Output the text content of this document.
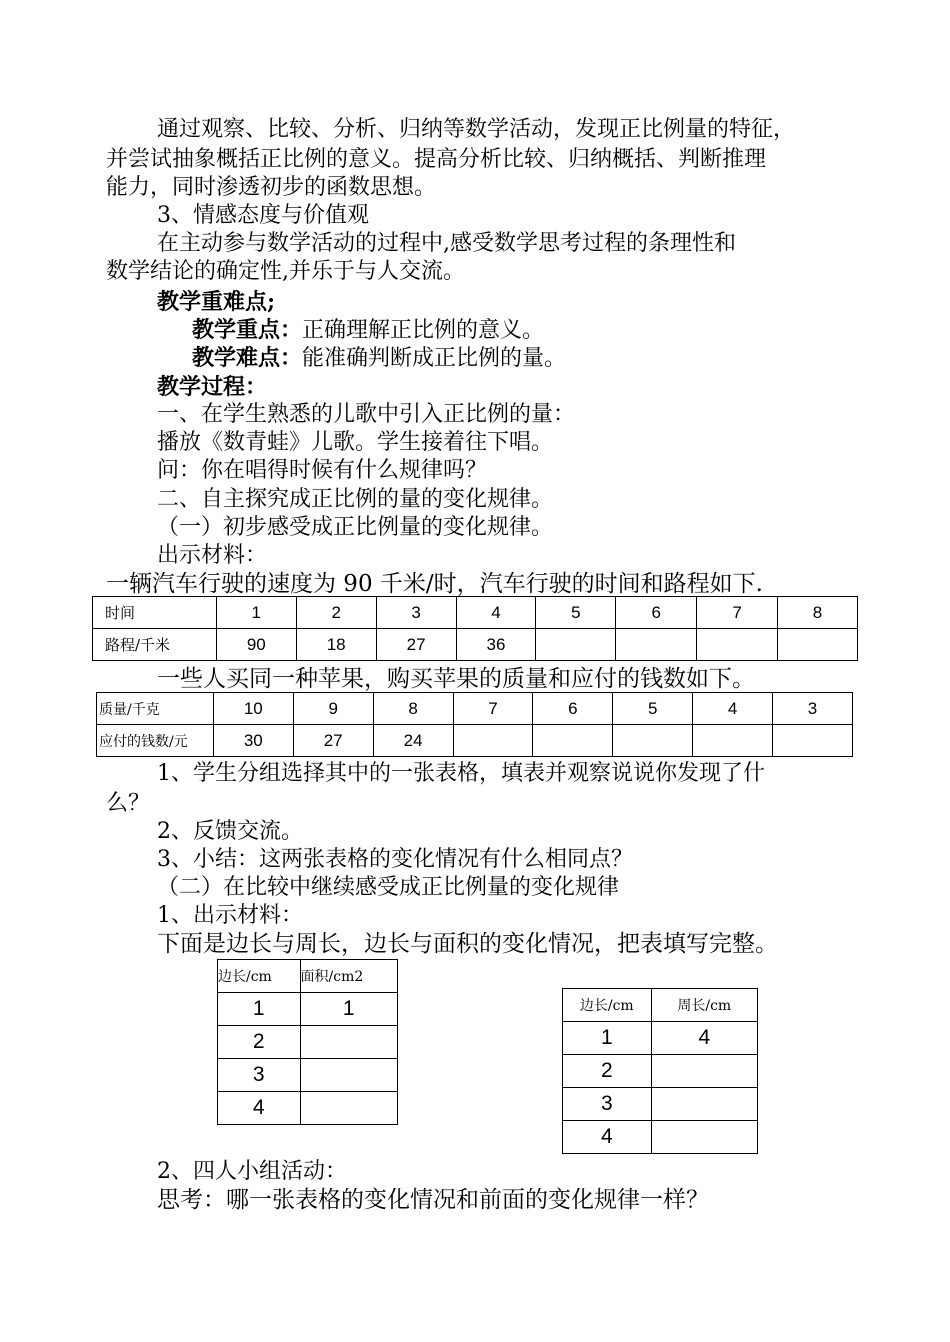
通过观察、比较、分析、归纳等数学活动，发现正比例量的特征，
并尝试抽象概括正比例的意义。提高分析比较、归纳概括、判断推理
能力，同时渗透初步的函数思想。
3、情感态度与价值观
在主动参与数学活动的过程中,感受数学思考过程的条理性和
数学结论的确定性,并乐于与人交流。
教学重难点;
教学重点：正确理解正比例的意义。
教学难点：能准确判断成正比例的量。
教学过程：
一、在学生熟悉的儿歌中引入正比例的量：
播放《数青蛙》儿歌。学生接着往下唱。
问：你在唱得时候有什么规律吗？
二、自主探究成正比例的量的变化规律。
（一）初步感受成正比例量的变化规律。
出示材料：
一辆汽车行驶的速度为 90 千米/时，汽车行驶的时间和路程如下.
时间	1	2	3	4	5	6	7	8
路程/千米	90	18	27	36				
一些人买同一种苹果，购买苹果的质量和应付的钱数如下。
质量/千克	10	9	8	7	6	5	4	3
应付的钱数/元	30	27	24					
1、学生分组选择其中的一张表格，填表并观察说说你发现了什
么？
2、反馈交流。
3、小结：这两张表格的变化情况有什么相同点？
（二）在比较中继续感受成正比例量的变化规律
1、出示材料：
下面是边长与周长，边长与面积的变化情况，把表填写完整。
边长/cm	面积/cm2
1	1
2	
3	
4	
边长/cm	周长/cm
1	4
2	
3	
4	
2、四人小组活动：
思考：哪一张表格的变化情况和前面的变化规律一样？
